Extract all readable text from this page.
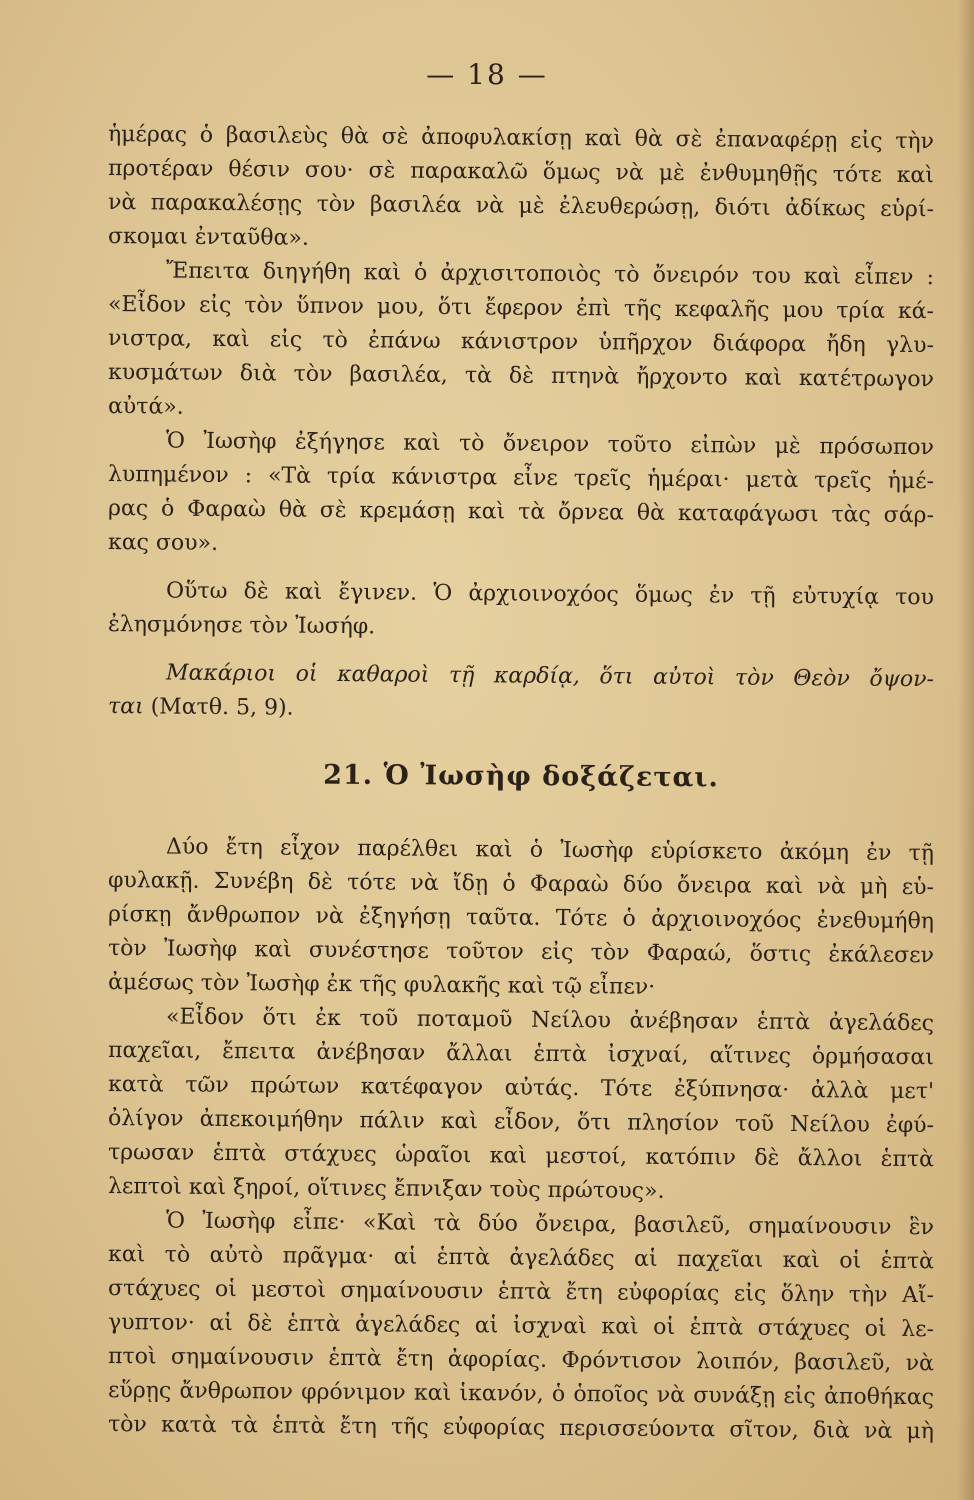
— 18 —
ἡμέρας ὁ βασιλεὺς θὰ σὲ ἀποφυλακίσῃ καὶ θὰ σὲ ἐπαναφέρῃ εἰς τὴν
προτέραν θέσιν σου· σὲ παρακαλῶ ὅμως νὰ μὲ ἐνθυμηθῇς τότε καὶ
νὰ παρακαλέσῃς τὸν βασιλέα νὰ μὲ ἐλευθερώσῃ, διότι ἀδίκως εὑρί-
σκομαι ἐνταῦθα».
Ἔπειτα διηγήθη καὶ ὁ ἀρχισιτοποιὸς τὸ ὄνειρόν του καὶ εἶπεν :
«Εἶδον εἰς τὸν ὕπνον μου, ὅτι ἔφερον ἐπὶ τῆς κεφαλῆς μου τρία κά-
νιστρα, καὶ εἰς τὸ ἐπάνω κάνιστρον ὑπῆρχον διάφορα ἤδη γλυ-
κυσμάτων διὰ τὸν βασιλέα, τὰ δὲ πτηνὰ ἤρχοντο καὶ κατέτρωγον
αὐτά».
Ὁ Ἰωσὴφ ἐξήγησε καὶ τὸ ὄνειρον τοῦτο εἰπὼν μὲ πρόσωπον
λυπημένον : «Τὰ τρία κάνιστρα εἶνε τρεῖς ἡμέραι· μετὰ τρεῖς ἡμέ-
ρας ὁ Φαραὼ θὰ σὲ κρεμάσῃ καὶ τὰ ὄρνεα θὰ καταφάγωσι τὰς σάρ-
κας σου».
Οὕτω δὲ καὶ ἔγινεν. Ὁ ἀρχιοινοχόος ὅμως ἐν τῇ εὐτυχίᾳ του
ἐλησμόνησε τὸν Ἰωσήφ.
Μακάριοι οἱ καθαροὶ τῇ καρδίᾳ, ὅτι αὐτοὶ τὸν Θεὸν ὄψον-
ται (Ματθ. 5, 9).
21. Ὁ Ἰωσὴφ δοξάζεται.
Δύο ἔτη εἶχον παρέλθει καὶ ὁ Ἰωσὴφ εὑρίσκετο ἀκόμη ἐν τῇ
φυλακῇ. Συνέβη δὲ τότε νὰ ἴδῃ ὁ Φαραὼ δύο ὄνειρα καὶ νὰ μὴ εὑ-
ρίσκῃ ἄνθρωπον νὰ ἐξηγήσῃ ταῦτα. Τότε ὁ ἀρχιοινοχόος ἐνεθυμήθη
τὸν Ἰωσὴφ καὶ συνέστησε τοῦτον εἰς τὸν Φαραώ, ὅστις ἐκάλεσεν
ἀμέσως τὸν Ἰωσὴφ ἐκ τῆς φυλακῆς καὶ τῷ εἶπεν·
«Εἶδον ὅτι ἐκ τοῦ ποταμοῦ Νείλου ἀνέβησαν ἑπτὰ ἀγελάδες
παχεῖαι, ἔπειτα ἀνέβησαν ἄλλαι ἑπτὰ ἰσχναί, αἵτινες ὁρμήσασαι
κατὰ τῶν πρώτων κατέφαγον αὐτάς. Τότε ἐξύπνησα· ἀλλὰ μετ'
ὀλίγον ἀπεκοιμήθην πάλιν καὶ εἶδον, ὅτι πλησίον τοῦ Νείλου ἐφύ-
τρωσαν ἑπτὰ στάχυες ὡραῖοι καὶ μεστοί, κατόπιν δὲ ἄλλοι ἑπτὰ
λεπτοὶ καὶ ξηροί, οἵτινες ἔπνιξαν τοὺς πρώτους».
Ὁ Ἰωσὴφ εἶπε· «Καὶ τὰ δύο ὄνειρα, βασιλεῦ, σημαίνουσιν ἓν
καὶ τὸ αὐτὸ πρᾶγμα· αἱ ἑπτὰ ἀγελάδες αἱ παχεῖαι καὶ οἱ ἑπτὰ
στάχυες οἱ μεστοὶ σημαίνουσιν ἑπτὰ ἔτη εὐφορίας εἰς ὅλην τὴν Αἴ-
γυπτον· αἱ δὲ ἑπτὰ ἀγελάδες αἱ ἰσχναὶ καὶ οἱ ἑπτὰ στάχυες οἱ λε-
πτοὶ σημαίνουσιν ἑπτὰ ἔτη ἀφορίας. Φρόντισον λοιπόν, βασιλεῦ, νὰ
εὕρῃς ἄνθρωπον φρόνιμον καὶ ἱκανόν, ὁ ὁποῖος νὰ συνάξῃ εἰς ἀποθήκας
τὸν κατὰ τὰ ἑπτὰ ἔτη τῆς εὐφορίας περισσεύοντα σῖτον, διὰ νὰ μὴ
